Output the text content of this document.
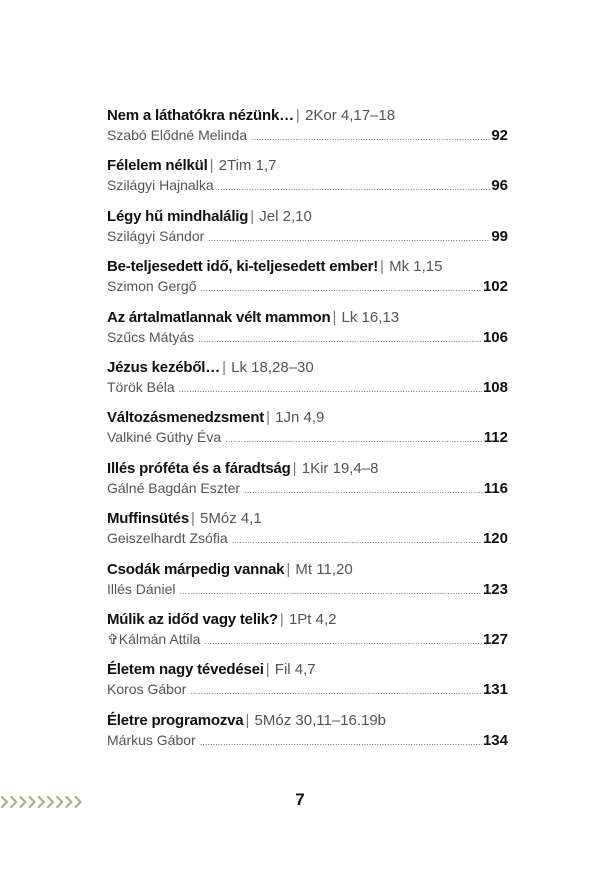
Nem a láthatókra nézünk… | 2Kor 4,17–18
Szabó Elődné Melinda . . .	92
Félelem nélkül | 2Tim 1,7
Szilágyi Hajnalka . . .	96
Légy hű mindhalálig | Jel 2,10
Szilágyi Sándor . . .	99
Be-teljesedett idő, ki-teljesedett ember! | Mk 1,15
Szimon Gergő . . .	102
Az ártalmatlannak vélt mammon | Lk 16,13
Szűcs Mátyás . . .	106
Jézus kezéből… | Lk 18,28–30
Török Béla . . .	108
Változásmenedzsment | 1Jn 4,9
Valkiné Gúthy Éva . . .	112
Illés próféta és a fáradtság | 1Kir 19,4–8
Gálné Bagdán Eszter . . .	116
Muffinsütés | 5Móz 4,1
Geiszelhardt Zsófia . . .	120
Csodák márpedig vannak | Mt 11,20
Illés Dániel . . .	123
Múlik az időd vagy telik? | 1Pt 4,2
✞Kálmán Attila . . .	127
Életem nagy tévedései | Fil 4,7
Koros Gábor . . .	131
Életre programozva | 5Móz 30,11–16.19b
Márkus Gábor . . .	134
7
